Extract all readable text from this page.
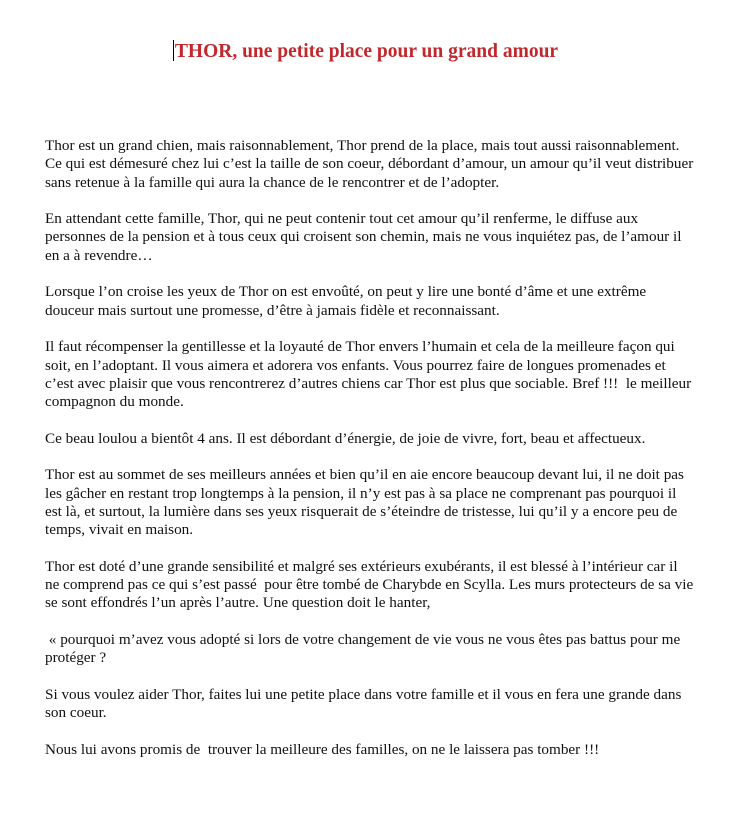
THOR, une petite place pour un grand amour

Thor est un grand chien, mais raisonnablement, Thor prend de la place, mais tout aussi raisonnablement. Ce qui est démesuré chez lui c’est la taille de son coeur, débordant d’amour, un amour qu’il veut distribuer sans retenue à la famille qui aura la chance de le rencontrer et de l’adopter.

En attendant cette famille, Thor, qui ne peut contenir tout cet amour qu’il renferme, le diffuse aux personnes de la pension et à tous ceux qui croisent son chemin, mais ne vous inquiétez pas, de l’amour il en a à revendre…

Lorsque l’on croise les yeux de Thor on est envoûté, on peut y lire une bonté d’âme et une extrême douceur mais surtout une promesse, d’être à jamais fidèle et reconnaissant.

Il faut récompenser la gentillesse et la loyauté de Thor envers l’humain et cela de la meilleure façon qui soit, en l’adoptant. Il vous aimera et adorera vos enfants. Vous pourrez faire de longues promenades et c’est avec plaisir que vous rencontrerez d’autres chiens car Thor est plus que sociable. Bref !!!  le meilleur compagnon du monde.

Ce beau loulou a bientôt 4 ans. Il est débordant d’énergie, de joie de vivre, fort, beau et affectueux.

Thor est au sommet de ses meilleurs années et bien qu’il en aie encore beaucoup devant lui, il ne doit pas les gâcher en restant trop longtemps à la pension, il n’y est pas à sa place ne comprenant pas pourquoi il est là, et surtout, la lumière dans ses yeux risquerait de s’éteindre de tristesse, lui qu’il y a encore peu de temps, vivait en maison.

Thor est doté d’une grande sensibilité et malgré ses extérieurs exubérants, il est blessé à l’intérieur car il ne comprend pas ce qui s’est passé  pour être tombé de Charybde en Scylla. Les murs protecteurs de sa vie se sont effondrés l’un après l’autre. Une question doit le hanter,

« pourquoi m’avez vous adopté si lors de votre changement de vie vous ne vous êtes pas battus pour me protéger ?

Si vous voulez aider Thor, faites lui une petite place dans votre famille et il vous en fera une grande dans son coeur.

Nous lui avons promis de  trouver la meilleure des familles, on ne le laissera pas tomber !!!
